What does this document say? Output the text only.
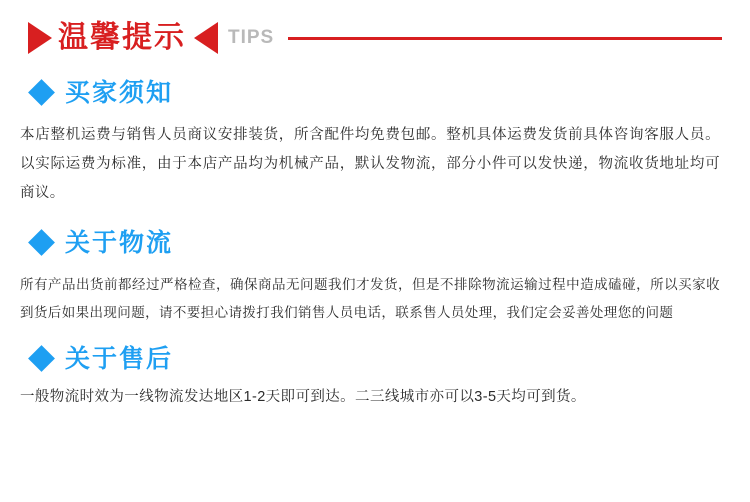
温馨提示 TIPS
买家须知
本店整机运费与销售人员商议安排装货，所含配件均免费包邮。整机具体运费发货前具体咨询客服人员。以实际运费为标准，由于本店产品均为机械产品，默认发物流，部分小件可以发快递，物流收货地址均可商议。
关于物流
所有产品出货前都经过严格检查，确保商品无问题我们才发货，但是不排除物流运输过程中造成磕碰，所以买家收到货后如果出现问题，请不要担心请拨打我们销售人员电话，联系售人员处理，我们定会妥善处理您的问题
关于售后
一般物流时效为一线物流发达地区1-2天即可到达。二三线城市亦可以3-5天均可到货。
